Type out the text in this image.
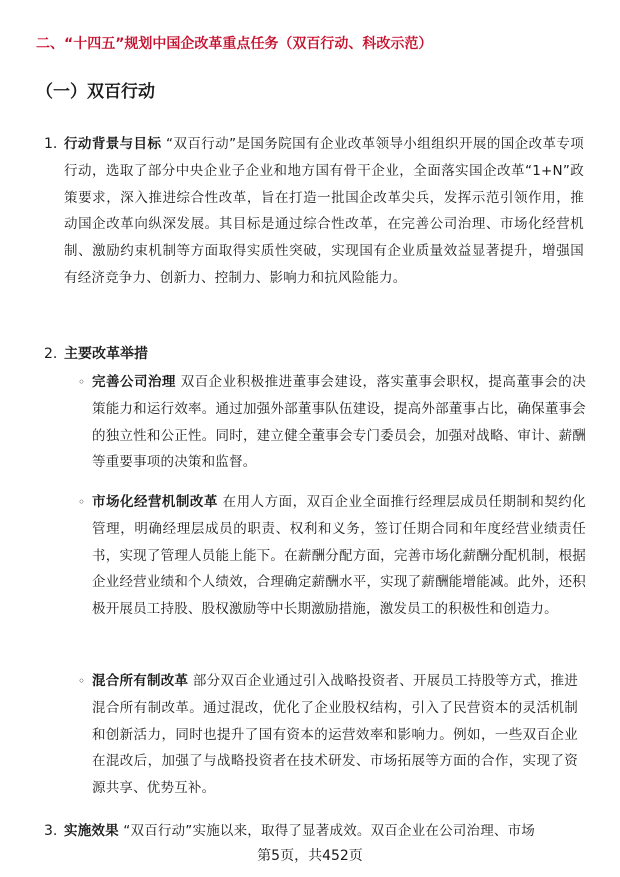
二、“十四五”规划中国企改革重点任务（双百行动、科改示范）
（一）双百行动
1. 行动背景与目标 “双百行动”是国务院国有企业改革领导小组组织开展的国企改革专项行动，选取了部分中央企业子企业和地方国有骨干企业，全面落实国企改革“1+N”政策要求，深入推进综合性改革，旨在打造一批国企改革尖兵，发挥示范引领作用，推动国企改革向纵深发展。其目标是通过综合性改革，在完善公司治理、市场化经营机制、激励约束机制等方面取得实质性突破，实现国有企业质量效益显著提升，增强国有经济竞争力、创新力、控制力、影响力和抗风险能力。

2. 主要改革举措

◦ 完善公司治理 双百企业积极推进董事会建设，落实董事会职权，提高董事会的决策能力和运行效率。通过加强外部董事队伍建设，提高外部董事占比，确保董事会的独立性和公正性。同时，建立健全董事会专门委员会，加强对战略、审计、薪酬等重要事项的决策和监督。

◦ 市场化经营机制改革 在用人方面，双百企业全面推行经理层成员任期制和契约化管理，明确经理层成员的职责、权利和义务，签订任期合同和年度经营业绩责任书，实现了管理人员能上能下。在薪酬分配方面，完善市场化薪酬分配机制，根据企业经营业绩和个人绩效，合理确定薪酬水平，实现了薪酬能增能减。此外，还积极开展员工持股、股权激励等中长期激励措施，激发员工的积极性和创造力。

◦ 混合所有制改革 部分双百企业通过引入战略投资者、开展员工持股等方式，推进混合所有制改革。通过混改，优化了企业股权结构，引入了民营资本的灵活机制和创新活力，同时也提升了国有资本的运营效率和影响力。例如，一些双百企业在混改后，加强了与战略投资者在技术研发、市场拓展等方面的合作，实现了资源共享、优势互补。

3. 实施效果 “双百行动”实施以来，取得了显著成效。双百企业在公司治理、市场

第5页，共452页
